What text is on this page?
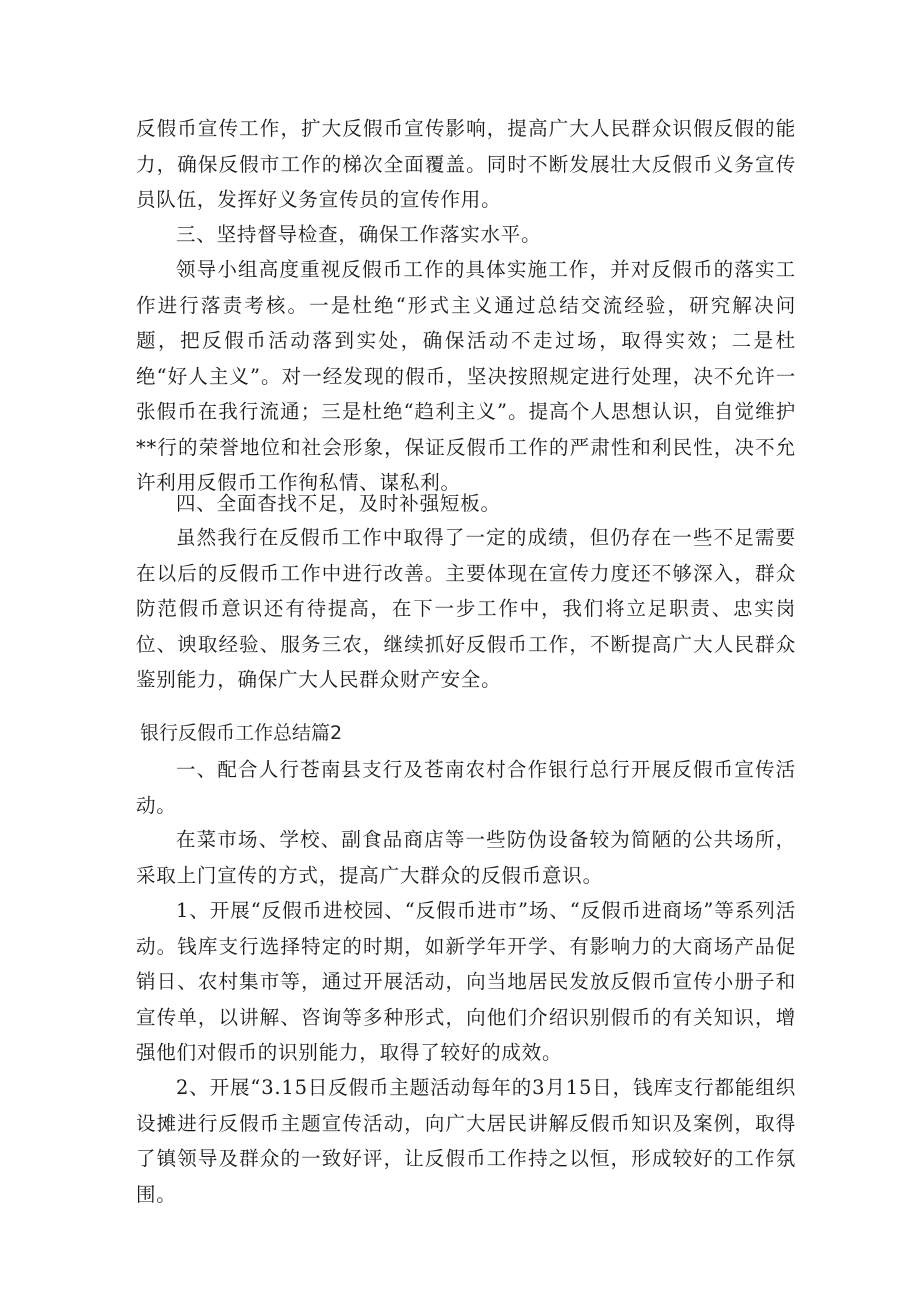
反假币宣传工作，扩大反假币宣传影响，提高广大人民群众识假反假的能力，确保反假市工作的梯次全面覆盖。同时不断发展壮大反假币义务宣传员队伍，发挥好义务宣传员的宣传作用。

三、坚持督导检查，确保工作落实水平。

领导小组高度重视反假币工作的具体实施工作，并对反假币的落实工作进行落责考核。一是杜绝“形式主义通过总结交流经验，研究解决问题，把反假币活动落到实处，确保活动不走过场，取得实效；二是杜绝“好人主义”。对一经发现的假币，坚决按照规定进行处理，决不允许一张假币在我行流通；三是杜绝“趋利主义”。提高个人思想认识，自觉维护**行的荣誉地位和社会形象，保证反假币工作的严肃性和利民性，决不允许利用反假币工作徇私情、谋私利。

四、全面杳找不足，及时补强短板。

虽然我行在反假币工作中取得了一定的成绩，但仍存在一些不足需要在以后的反假币工作中进行改善。主要体现在宣传力度还不够深入，群众防范假币意识还有待提高，在下一步工作中，我们将立足职责、忠实岗位、谀取经验、服务三农，继续抓好反假币工作，不断提高广大人民群众鉴别能力，确保广大人民群众财产安全。

银行反假币工作总结篇2

一、配合人行苍南县支行及苍南农村合作银行总行开展反假币宣传活动。

在菜市场、学校、副食品商店等一些防伪设备较为简陋的公共场所，采取上门宣传的方式，提高广大群众的反假币意识。

1、开展“反假币进校园、“反假币进市”场、“反假币进商场”等系列活动。钱库支行选择特定的时期，如新学年开学、有影响力的大商场产品促销日、农村集市等，通过开展活动，向当地居民发放反假币宣传小册子和宣传单，以讲解、咨询等多种形式，向他们介绍识别假币的有关知识，增强他们对假币的识别能力，取得了较好的成效。

2、开展“3.15日反假币主题活动每年的3月15日，钱库支行都能组织设摊进行反假币主题宣传活动，向广大居民讲解反假币知识及案例，取得了镇领导及群众的一致好评，让反假币工作持之以恒，形成较好的工作氛围。
